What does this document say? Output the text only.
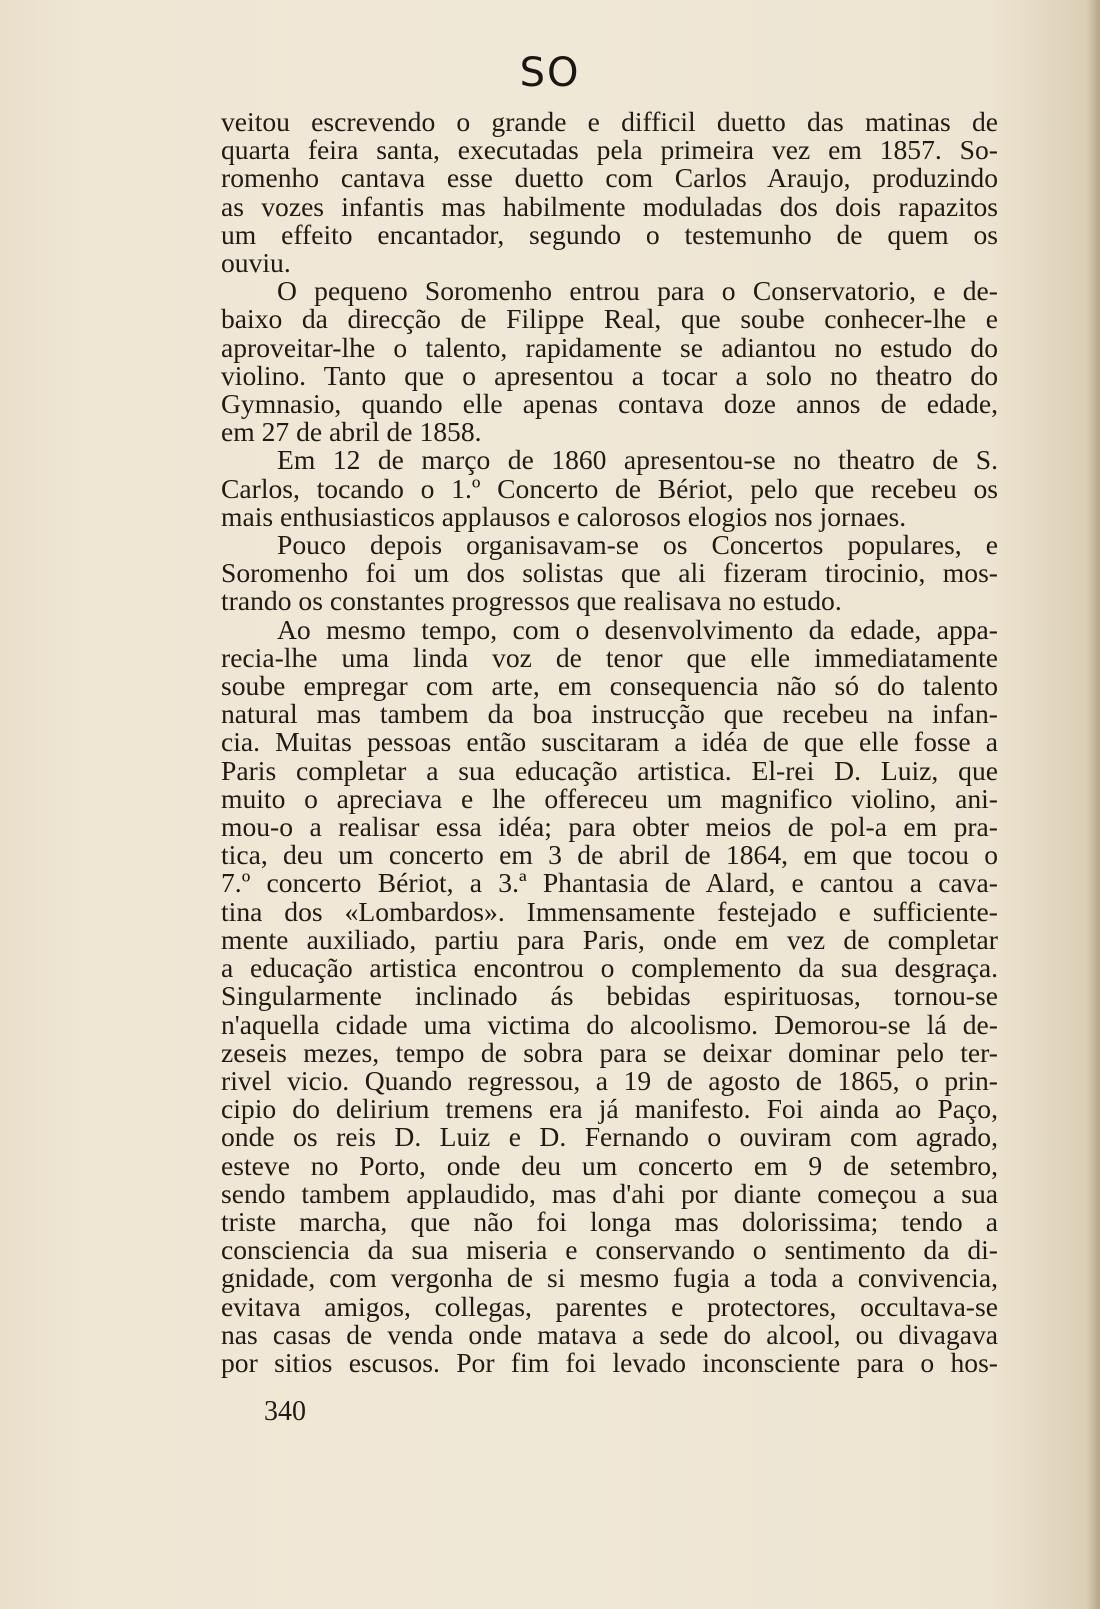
SO
veitou escrevendo o grande e difficil duetto das matinas de
quarta feira santa, executadas pela primeira vez em 1857. So-
romenho cantava esse duetto com Carlos Araujo, produzindo
as vozes infantis mas habilmente moduladas dos dois rapazitos
um effeito encantador, segundo o testemunho de quem os
ouviu.
O pequeno Soromenho entrou para o Conservatorio, e de-
baixo da direcção de Filippe Real, que soube conhecer-lhe e
aproveitar-lhe o talento, rapidamente se adiantou no estudo do
violino. Tanto que o apresentou a tocar a solo no theatro do
Gymnasio, quando elle apenas contava doze annos de edade,
em 27 de abril de 1858.
Em 12 de março de 1860 apresentou-se no theatro de S.
Carlos, tocando o 1.º Concerto de Bériot, pelo que recebeu os
mais enthusiasticos applausos e calorosos elogios nos jornaes.
Pouco depois organisavam-se os Concertos populares, e
Soromenho foi um dos solistas que ali fizeram tirocinio, mos-
trando os constantes progressos que realisava no estudo.
Ao mesmo tempo, com o desenvolvimento da edade, appa-
recia-lhe uma linda voz de tenor que elle immediatamente
soube empregar com arte, em consequencia não só do talento
natural mas tambem da boa instrucção que recebeu na infan-
cia. Muitas pessoas então suscitaram a idéa de que elle fosse a
Paris completar a sua educação artistica. El-rei D. Luiz, que
muito o apreciava e lhe offereceu um magnifico violino, ani-
mou-o a realisar essa idéa; para obter meios de pol-a em pra-
tica, deu um concerto em 3 de abril de 1864, em que tocou o
7.º concerto Bériot, a 3.ª Phantasia de Alard, e cantou a cava-
tina dos «Lombardos». Immensamente festejado e sufficiente-
mente auxiliado, partiu para Paris, onde em vez de completar
a educação artistica encontrou o complemento da sua desgraça.
Singularmente inclinado ás bebidas espirituosas, tornou-se
n'aquella cidade uma victima do alcoolismo. Demorou-se lá de-
zeseis mezes, tempo de sobra para se deixar dominar pelo ter-
rivel vicio. Quando regressou, a 19 de agosto de 1865, o prin-
cipio do delirium tremens era já manifesto. Foi ainda ao Paço,
onde os reis D. Luiz e D. Fernando o ouviram com agrado,
esteve no Porto, onde deu um concerto em 9 de setembro,
sendo tambem applaudido, mas d'ahi por diante começou a sua
triste marcha, que não foi longa mas dolorissima; tendo a
consciencia da sua miseria e conservando o sentimento da di-
gnidade, com vergonha de si mesmo fugia a toda a convivencia,
evitava amigos, collegas, parentes e protectores, occultava-se
nas casas de venda onde matava a sede do alcool, ou divagava
por sitios escusos. Por fim foi levado inconsciente para o hos-
340
